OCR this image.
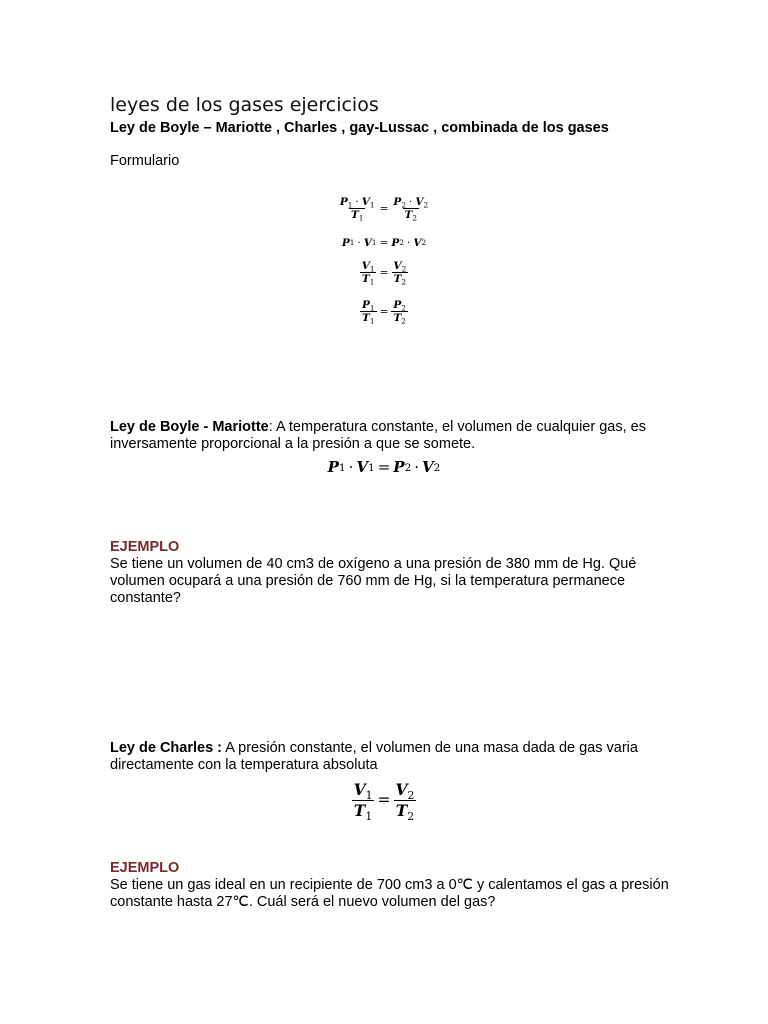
leyes de los gases ejercicios
Ley de Boyle – Mariotte , Charles , gay-Lussac , combinada de los gases
Formulario
$\frac{P_1 \cdot V_1}{T_1} = \frac{P_2 \cdot V_2}{T_2}$
P 1 · V 1 = P 2 · V 2
$\frac{V_1}{T_1} = \frac{V_2}{T_2}$
$\frac{P_1}{T_1} = \frac{P_2}{T_2}$
Ley de Boyle - Mariotte: A temperatura constante, el volumen de cualquier gas, es inversamente proporcional a la presión a que se somete.
P 1 · V 1 = P 2 · V 2
EJEMPLO
Se tiene un volumen de 40 cm3 de oxígeno a una presión de 380 mm de Hg. Qué volumen ocupará a una presión de 760 mm de Hg, si la temperatura permanece constante?
Ley de Charles : A presión constante, el volumen de una masa dada de gas varia directamente con la temperatura absoluta
$\frac{V_1}{T_1} = \frac{V_2}{T_2}$
EJEMPLO
Se tiene un gas ideal en un recipiente de 700 cm3 a 0℃ y calentamos el gas a presión constante hasta 27℃. Cuál será el nuevo volumen del gas?
